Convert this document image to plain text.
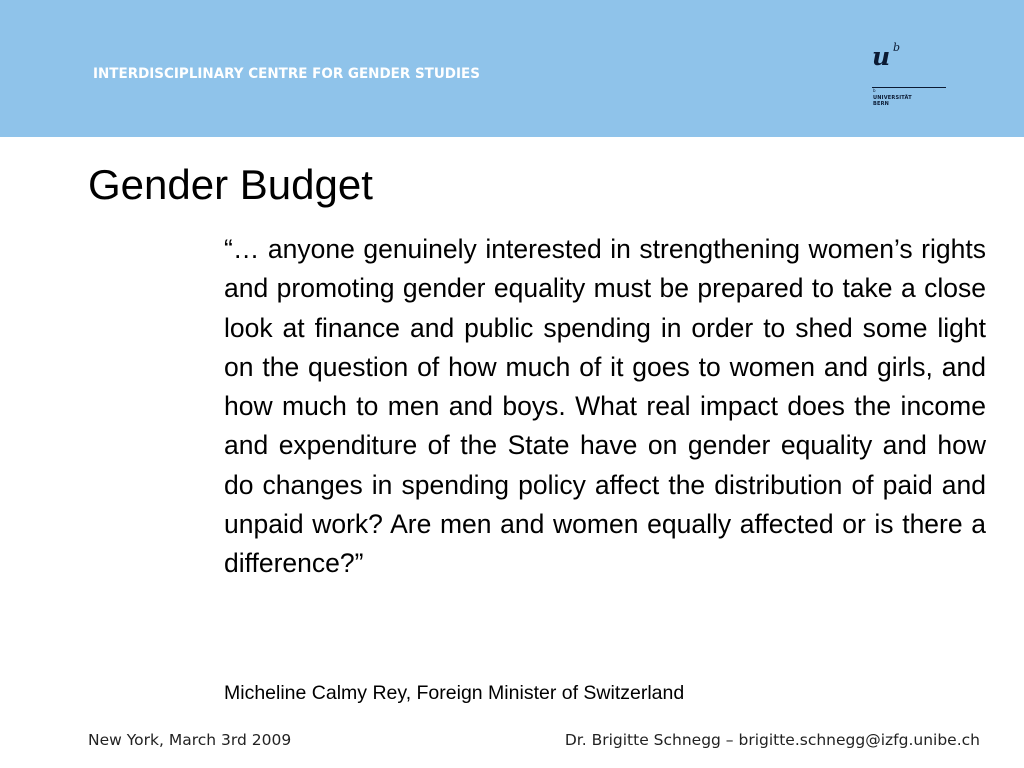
INTERDISCIPLINARY CENTRE FOR GENDER STUDIES
u b
b
UNIVERSITÄT
BERN
Gender Budget
“… anyone genuinely interested in strengthening women’s rights and promoting gender equality must be prepared to take a close look at finance and public spending in order to shed some light on the question of how much of it goes to women and girls, and how much to men and boys. What real impact does the income and expenditure of the State have on gender equality and how do changes in spending policy affect the distribution of paid and unpaid work? Are men and women equally affected or is there a difference?”
Micheline Calmy Rey, Foreign Minister of Switzerland
New York, March 3rd 2009	Dr. Brigitte Schnegg – brigitte.schnegg@izfg.unibe.ch
